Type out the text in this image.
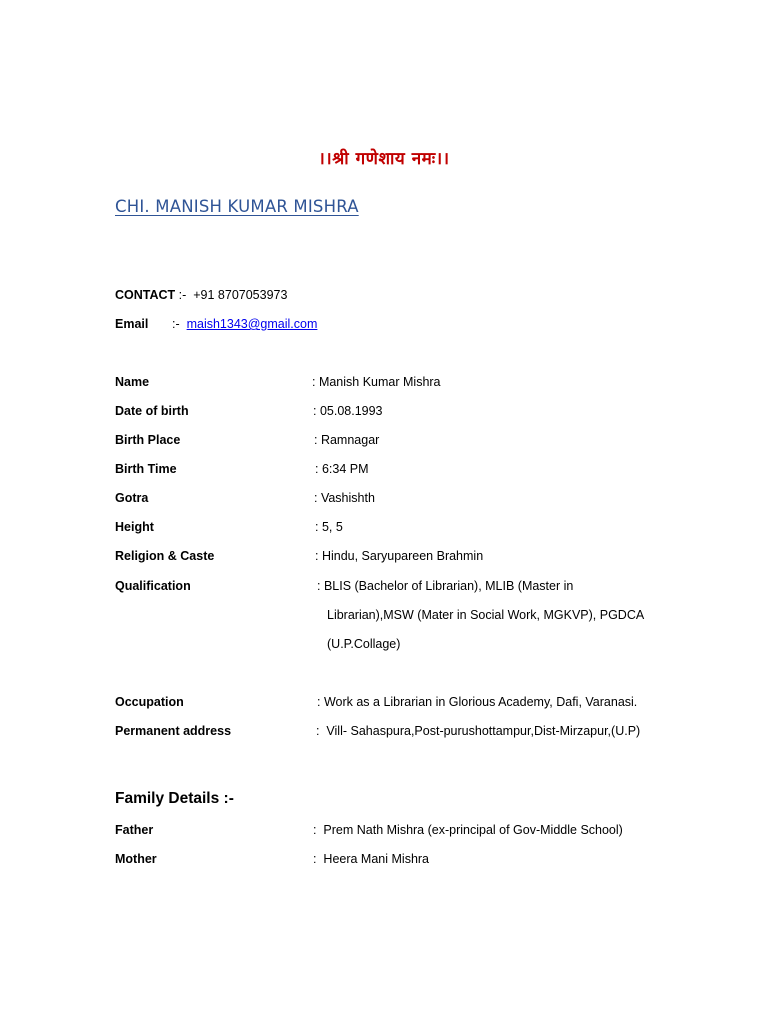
।।श्री गणेशाय नमः।।
CHI. MANISH KUMAR MISHRA
CONTACT :-  +91 8707053973
Email :-  maish1343@gmail.com
Name	: Manish Kumar Mishra
Date of birth	: 05.08.1993
Birth Place	: Ramnagar
Birth Time	: 6:34 PM
Gotra	: Vashishth
Height	: 5, 5
Religion & Caste	: Hindu, Saryupareen Brahmin
Qualification	: BLIS (Bachelor of Librarian), MLIB (Master in
Librarian),MSW (Mater in Social Work, MGKVP), PGDCA
(U.P.Collage)
Occupation	: Work as a Librarian in Glorious Academy, Dafi, Varanasi.
Permanent address	:  Vill- Sahaspura,Post-purushottampur,Dist-Mirzapur,(U.P)
Family Details :-
Father	:  Prem Nath Mishra (ex-principal of Gov-Middle School)
Mother	:  Heera Mani Mishra
